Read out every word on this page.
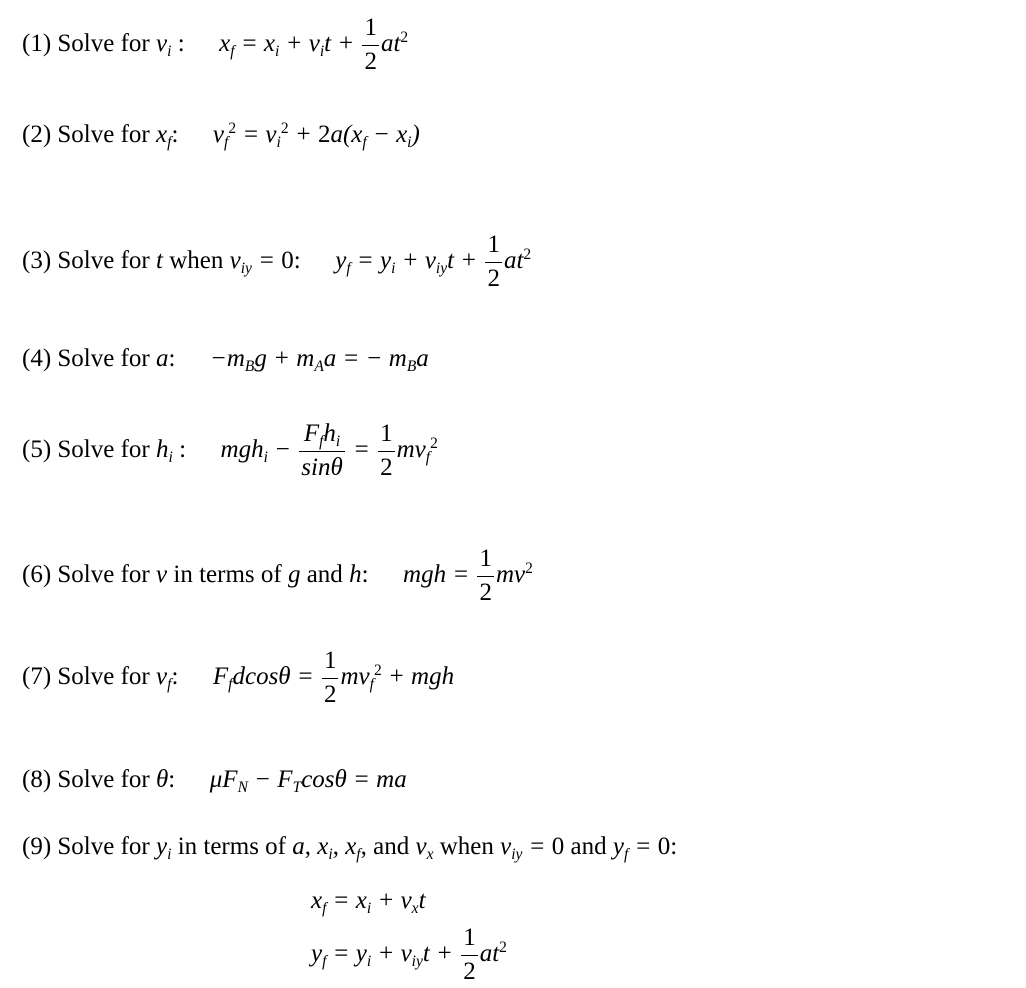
(1) Solve for $v_i$ : $x_f = x_i + v_it + \frac{1}{2} at^2$
(2) Solve for $x_f$: $v_f^2 = v_i^2 + 2a(x_f - x_i)$
(3) Solve for t when $v_{iy} = 0$: $y_f = y_i + v_{iy}t + \frac{1}{2} at^2$
(4) Solve for a: $-m_Bg + m_Aa$ = − $m_Ba$
(5) Solve for $h_i$ : $mgh_i - \frac{F_fh_i}{\sin\theta} = \frac{1}{2} mv_f^2$
(6) Solve for v in terms of g and h: mgh = $\frac{1}{2} mv^2$
(7) Solve for $v_f$: $F_fdcos\theta = \frac{1}{2} mv_f^2$ + mgh
(8) Solve for θ: $\mu F_N - F_T\cos\theta$ = ma
(9) Solve for $y_i$ in terms of a, $x_i$, $x_f$, and $v_x$ when $v_{iy} = 0$ and $y_f = 0$:
$x_f = x_i + v_xt$
$y_f = y_i + v_{iy}t + \frac{1}{2} at^2$
